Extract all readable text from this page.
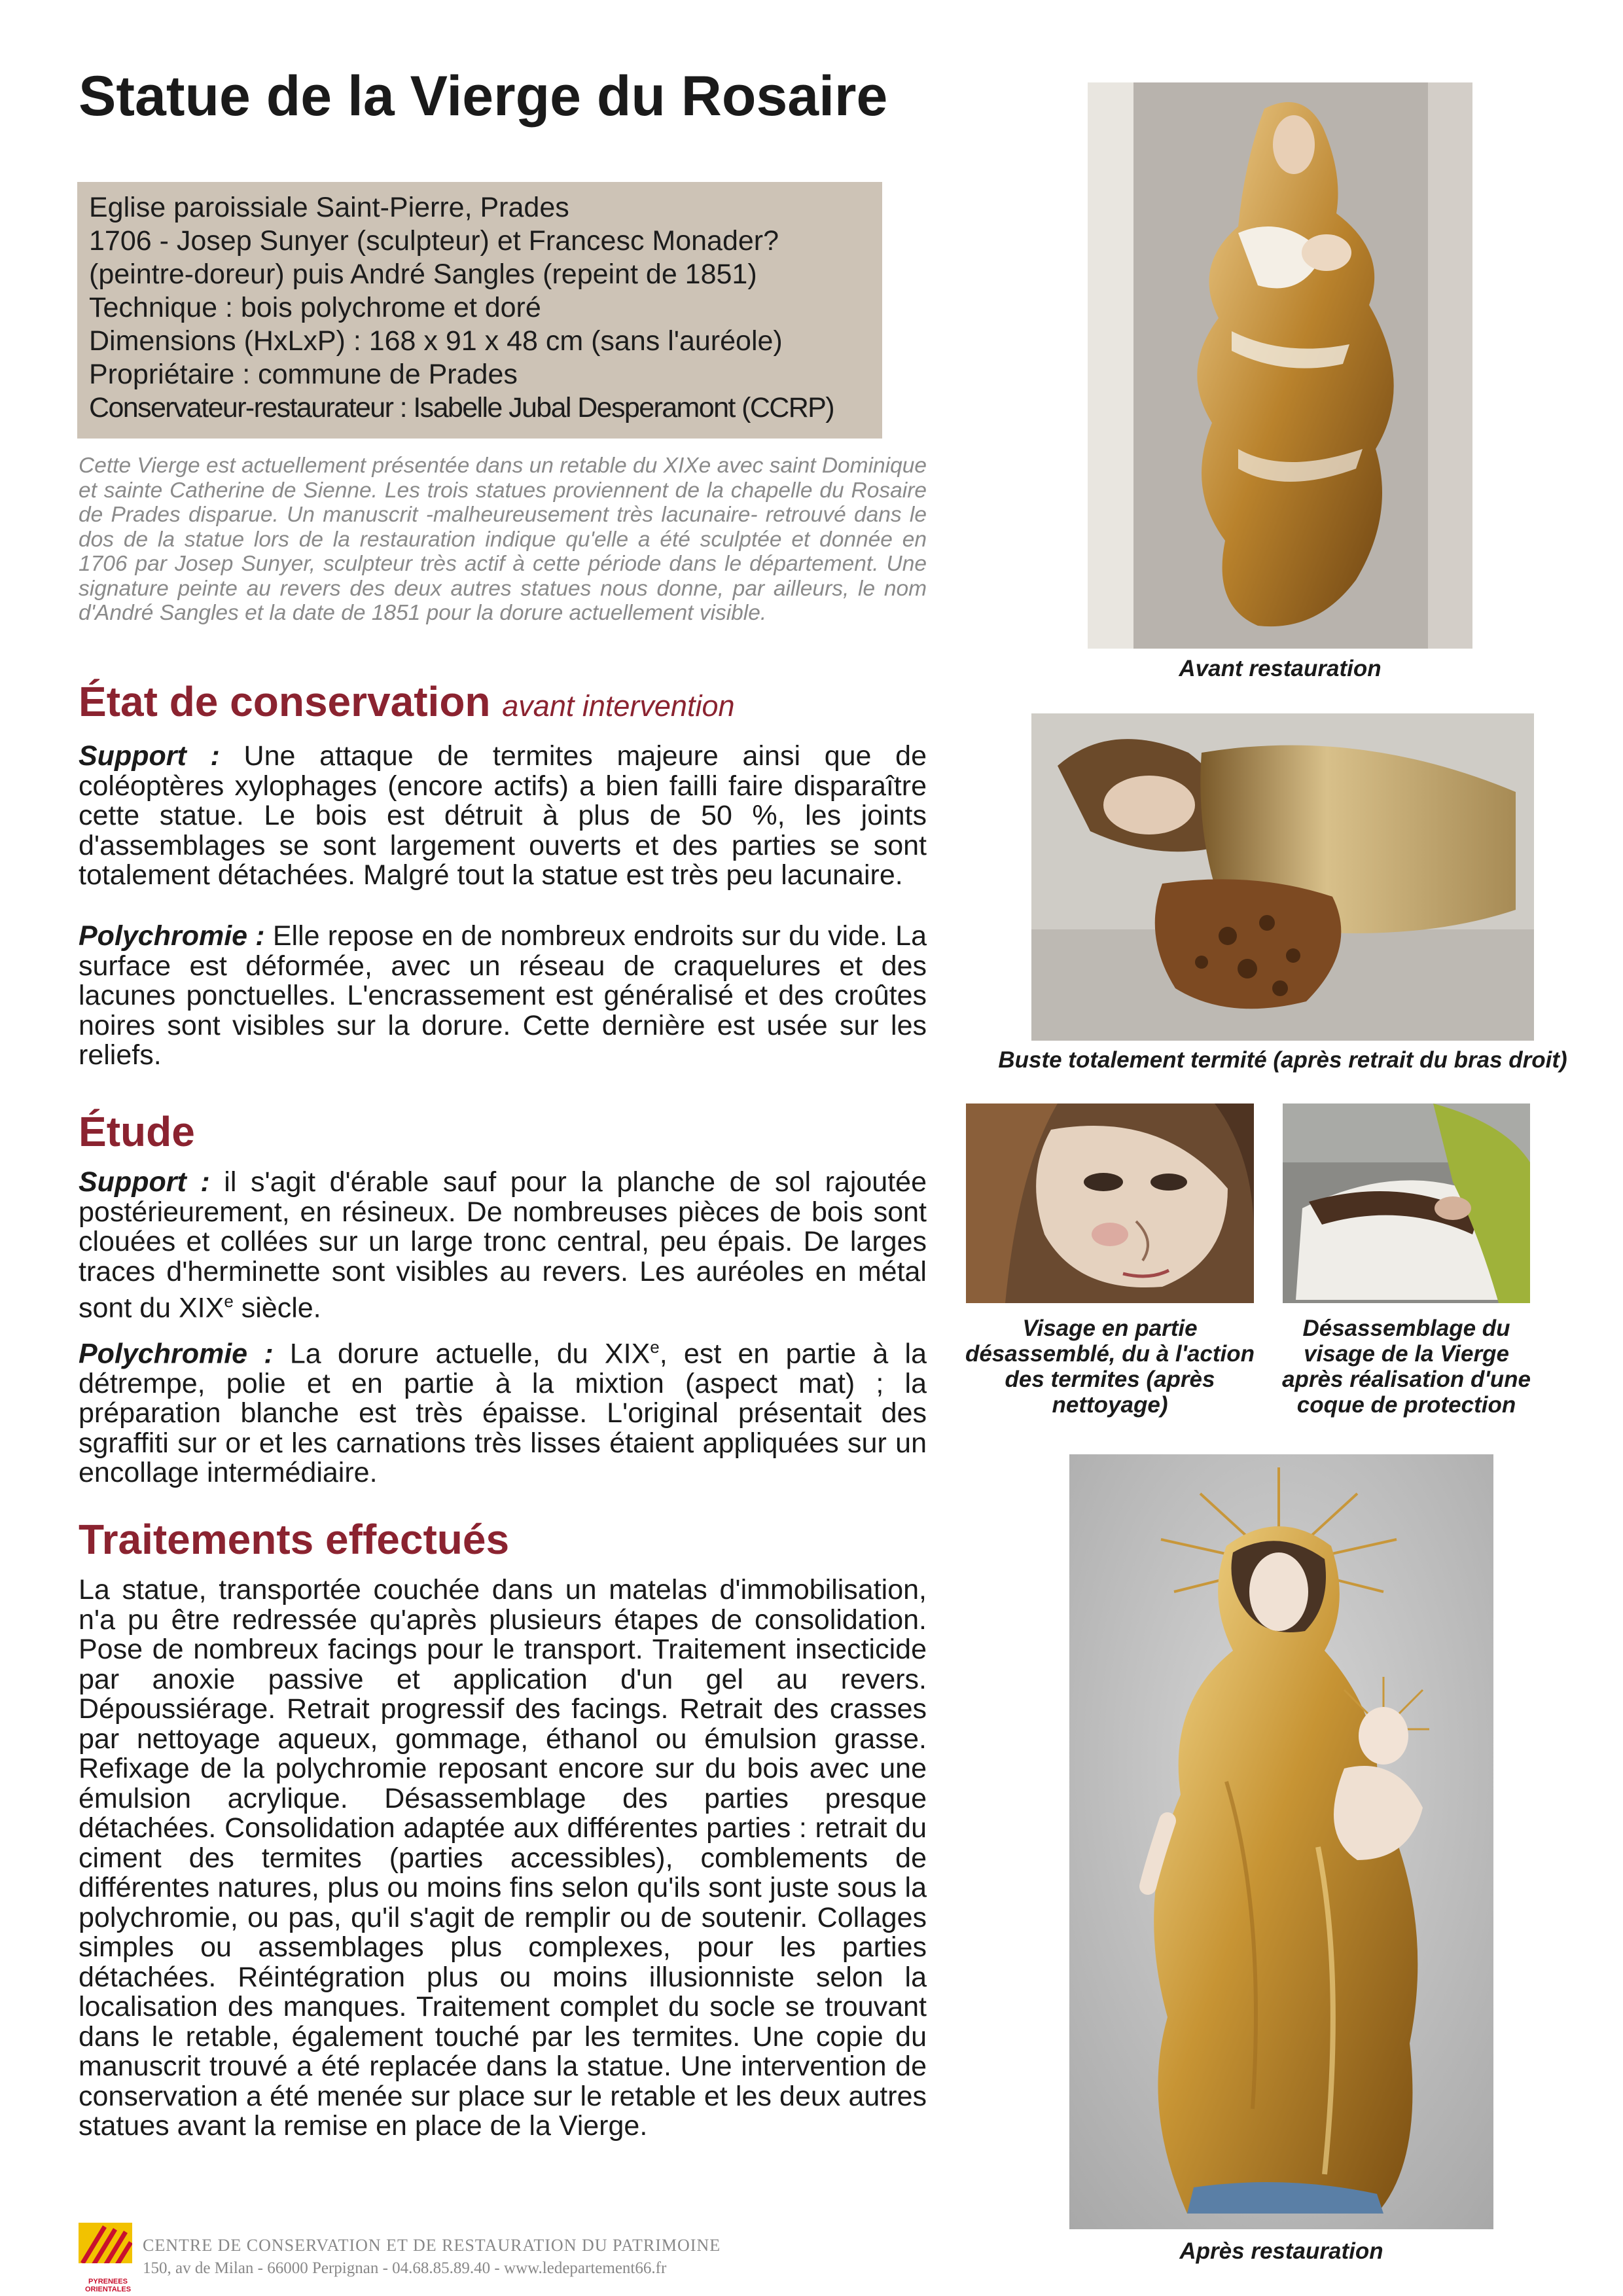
Statue de la Vierge du Rosaire
Eglise paroissiale Saint-Pierre, Prades
1706 - Josep Sunyer (sculpteur) et Francesc Monader?
(peintre-doreur) puis André Sangles (repeint de 1851)
Technique : bois polychrome et doré
Dimensions (HxLxP) : 168 x 91 x 48 cm (sans l'auréole)
Propriétaire : commune de Prades
Conservateur-restaurateur : Isabelle Jubal Desperamont (CCRP)
Cette Vierge est actuellement présentée dans un retable du XIXe avec saint Dominique et sainte Catherine de Sienne. Les trois statues proviennent de la chapelle du Rosaire de Prades disparue. Un manuscrit -malheureusement très lacunaire- retrouvé dans le dos de la statue lors de la restauration indique qu'elle a été sculptée et donnée en 1706 par Josep Sunyer, sculpteur très actif à cette période dans le département. Une signature peinte au revers des deux autres statues nous donne, par ailleurs, le nom d'André Sangles et la date de 1851 pour la dorure actuellement visible.
État de conservation avant intervention
Support : Une attaque de termites majeure ainsi que de coléoptères xylophages (encore actifs) a bien failli faire disparaître cette statue. Le bois est détruit à plus de 50 %, les joints d'assemblages se sont largement ouverts et des parties se sont totalement détachées. Malgré tout la statue est très peu lacunaire.
Polychromie : Elle repose en de nombreux endroits sur du vide. La surface est déformée, avec un réseau de craquelures et des lacunes ponctuelles. L'encrassement est généralisé et des croûtes noires sont visibles sur la dorure. Cette dernière est usée sur les reliefs.
Étude
Support : il s'agit d'érable sauf pour la planche de sol rajoutée postérieurement, en résineux. De nombreuses pièces de bois sont clouées et collées sur un large tronc central, peu épais. De larges traces d'herminette sont visibles au revers. Les auréoles en métal sont du XIXe siècle.
Polychromie : La dorure actuelle, du XIXe, est en partie à la détrempe, polie et en partie à la mixtion (aspect mat) ; la préparation blanche est très épaisse. L'original présentait des sgraffiti sur or et les carnations très lisses étaient appliquées sur un encollage intermédiaire.
Traitements effectués
La statue, transportée couchée dans un matelas d'immobilisation, n'a pu être redressée qu'après plusieurs étapes de consolidation. Pose de nombreux facings pour le transport. Traitement insecticide par anoxie passive et application d'un gel au revers. Dépoussiérage. Retrait progressif des facings. Retrait des crasses par nettoyage aqueux, gommage, éthanol ou émulsion grasse. Refixage de la polychromie reposant encore sur du bois avec une émulsion acrylique. Désassemblage des parties presque détachées. Consolidation adaptée aux différentes parties : retrait du ciment des termites (parties accessibles), comblements de différentes natures, plus ou moins fins selon qu'ils sont juste sous la polychromie, ou pas, qu'il s'agit de remplir ou de soutenir. Collages simples ou assemblages plus complexes, pour les parties détachées. Réintégration plus ou moins illusionniste selon la localisation des manques. Traitement complet du socle se trouvant dans le retable, également touché par les termites. Une copie du manuscrit trouvé a été replacée dans la statue. Une intervention de conservation a été menée sur place sur le retable et les deux autres statues avant la remise en place de la Vierge.
Avant restauration
Buste totalement termité (après retrait du bras droit)
Visage en partie désassemblé, du à l'action des termites (après nettoyage)
Désassemblage du visage de la Vierge après réalisation d'une coque de protection
Après restauration
PYRENEES ORIENTALES
CENTRE DE CONSERVATION ET DE RESTAURATION DU PATRIMOINE
150, av de Milan - 66000 Perpignan - 04.68.85.89.40 - www.ledepartement66.fr
